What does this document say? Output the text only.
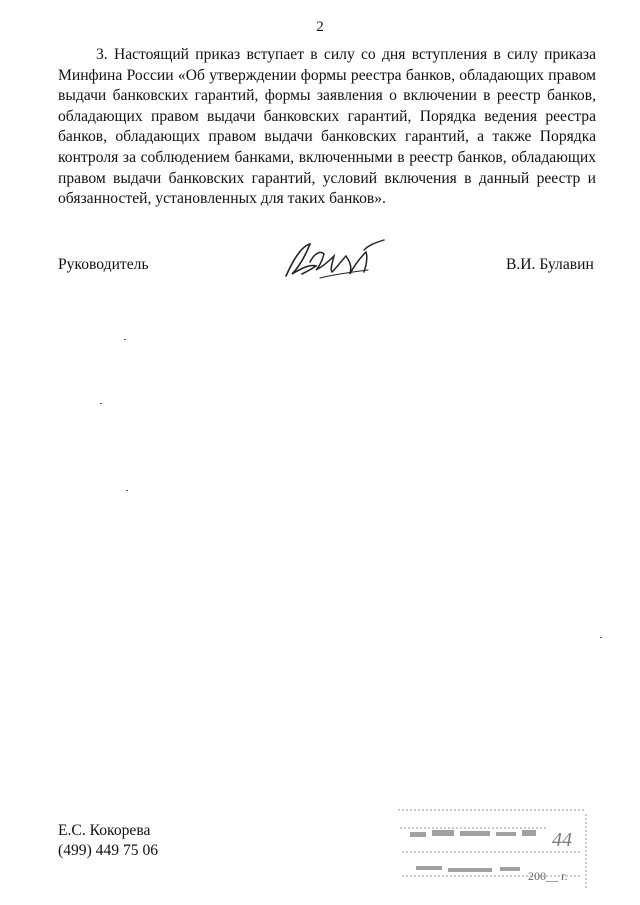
2

3. Настоящий приказ вступает в силу со дня вступления в силу приказа Минфина России «Об утверждении формы реестра банков, обладающих правом выдачи банковских гарантий, формы заявления о включении в реестр банков, обладающих правом выдачи банковских гарантий, Порядка ведения реестра банков, обладающих правом выдачи банковских гарантий, а также Порядка контроля за соблюдением банками, включенными в реестр банков, обладающих правом выдачи банковских гарантий, условий включения в данный реестр и обязанностей, установленных для таких банков».

Руководитель	В.И. Булавин
Е.С. Кокорева
(499) 449 75 06	44
200__ г.
